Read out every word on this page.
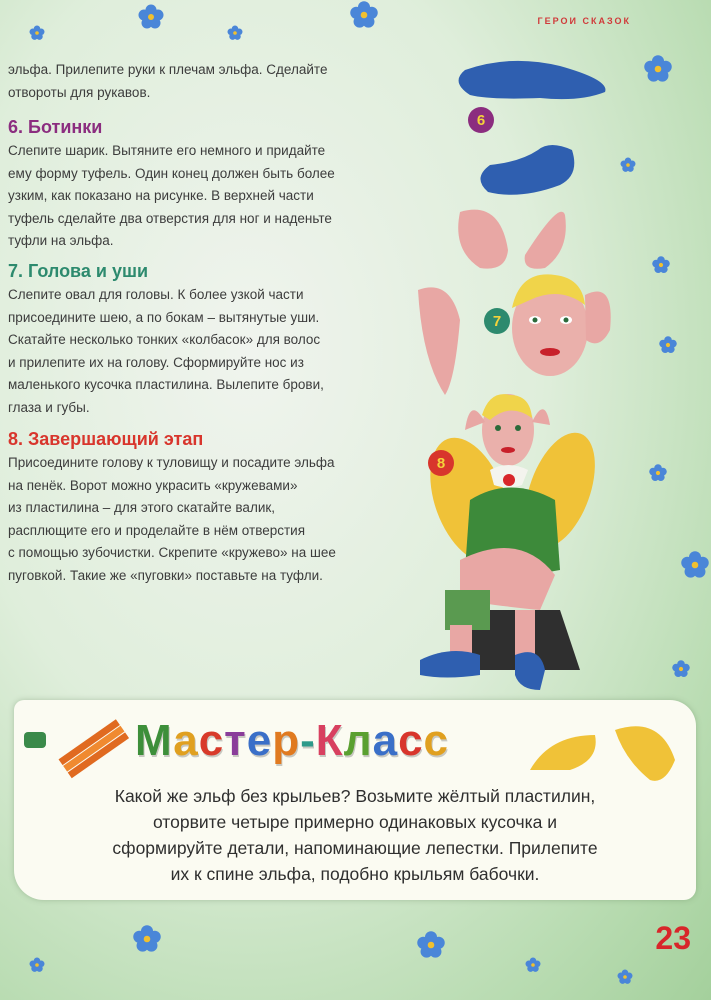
ГЕРОИ СКАЗОК
эльфа. Прилепите руки к плечам эльфа. Сделайте
отвороты для рукавов.
6. Ботинки
Слепите шарик. Вытяните его немного и придайте
ему форму туфель. Один конец должен быть более
узким, как показано на рисунке. В верхней части
туфель сделайте два отверстия для ног и наденьте
туфли на эльфа.
7. Голова и уши
Слепите овал для головы. К более узкой части
присоедините шею, а по бокам – вытянутые уши.
Скатайте несколько тонких «колбасок» для волос
и прилепите их на голову. Сформируйте нос из
маленького кусочка пластилина. Вылепите брови,
глаза и губы.
8. Завершающий этап
Присоедините голову к туловищу и посадите эльфа
на пенёк. Ворот можно украсить «кружевами»
из пластилина – для этого скатайте валик,
расплющите его и проделайте в нём отверстия
с помощью зубочистки. Скрепите «кружево» на шее
пуговкой. Такие же «пуговки» поставьте на туфли.
6
7
8
Мастер-Класс
Какой же эльф без крыльев? Возьмите жёлтый пластилин,
оторвите четыре примерно одинаковых кусочка и
сформируйте детали, напоминающие лепестки. Прилепите
их к спине эльфа, подобно крыльям бабочки.
23
